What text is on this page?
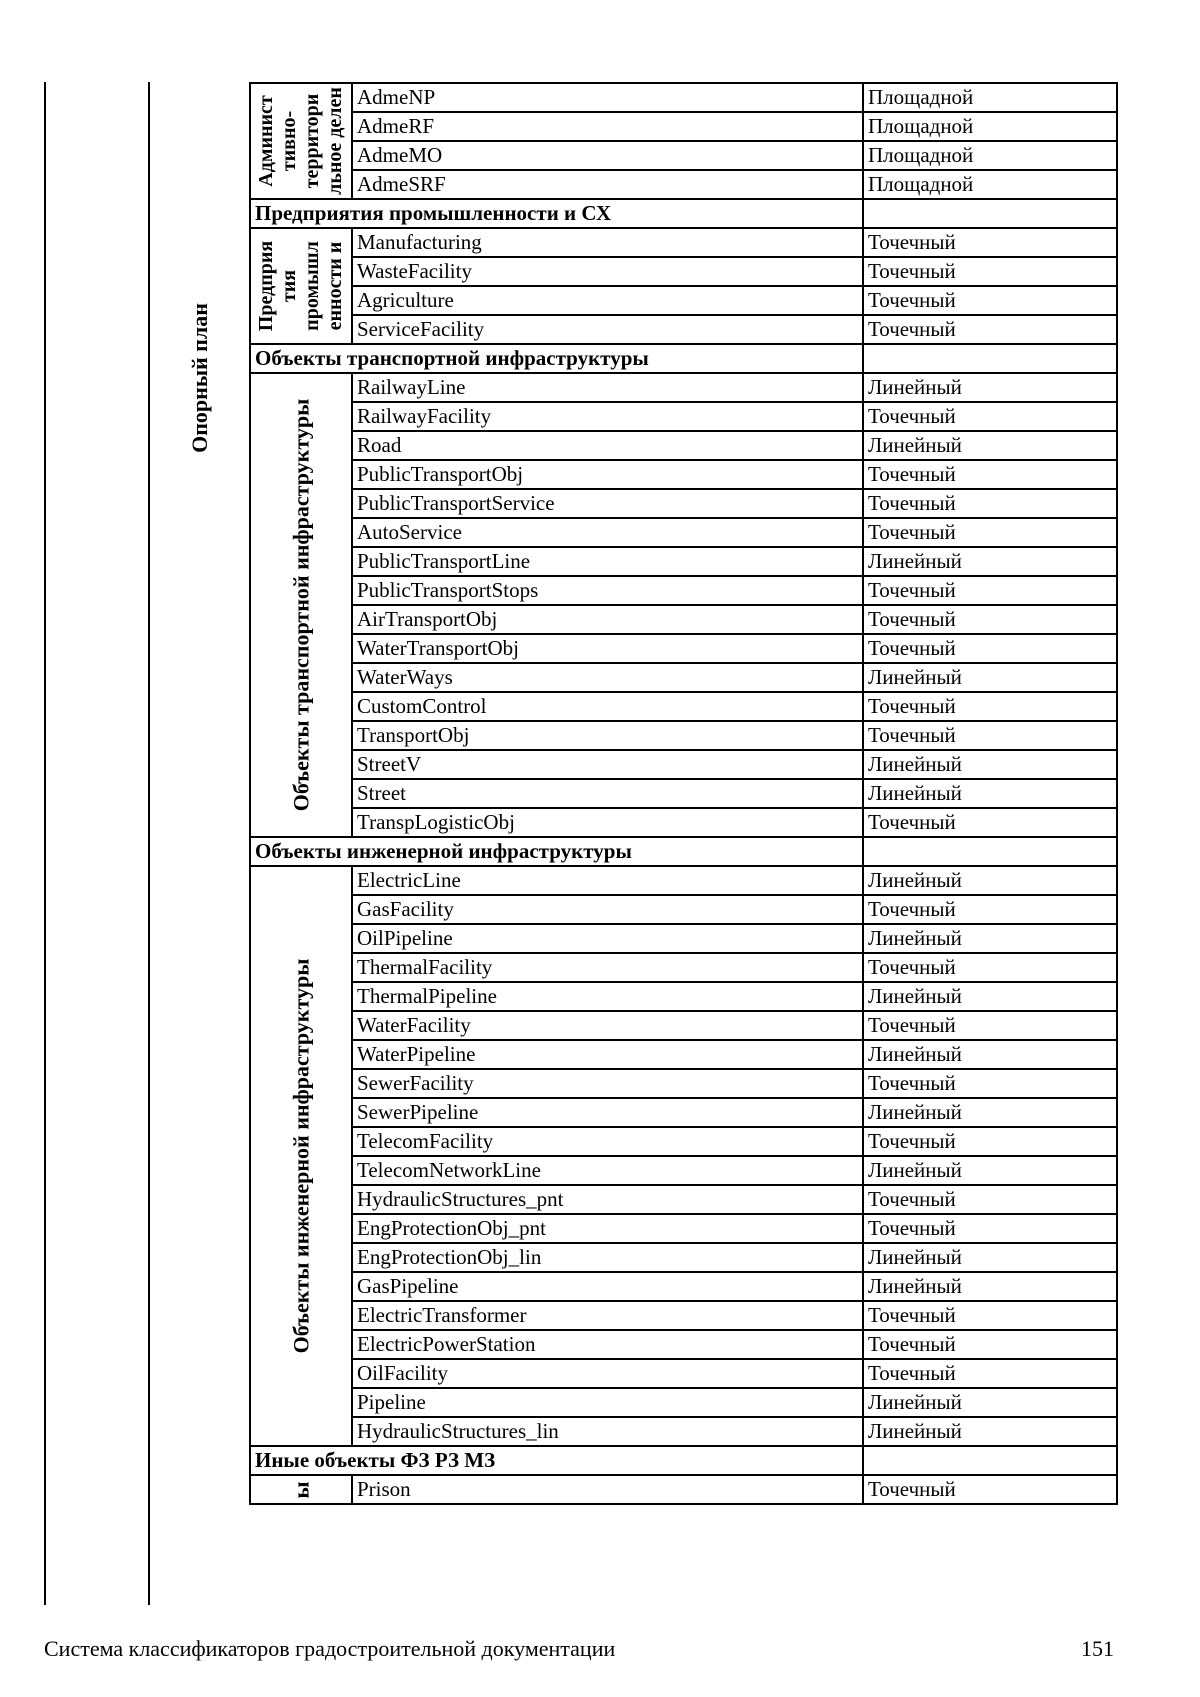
Опорный план
Админист тивно- территори льное делен	AdmeNP	Площадной
	AdmeRF	Площадной
	AdmeMO	Площадной
	AdmeSRF	Площадной
Предприятия промышленности и СХ		

Предприя тия промышл енности и	Manufacturing	Точечный
	WasteFacility	Точечный
	Agriculture	Точечный
	ServiceFacility	Точечный
Объекты транспортной инфраструктуры		

Объекты транспортной инфраструктуры	RailwayLine	Линейный
	RailwayFacility	Точечный
	Road	Линейный
	PublicTransportObj	Точечный
	PublicTransportService	Точечный
	AutoService	Точечный
	PublicTransportLine	Линейный
	PublicTransportStops	Точечный
	AirTransportObj	Точечный
	WaterTransportObj	Точечный
	WaterWays	Линейный
	CustomControl	Точечный
	TransportObj	Точечный
	StreetV	Линейный
	Street	Линейный
	TranspLogisticObj	Точечный
Объекты инженерной инфраструктуры		

Объекты инженерной инфраструктуры	ElectricLine	Линейный
	GasFacility	Точечный
	OilPipeline	Линейный
	ThermalFacility	Точечный
	ThermalPipeline	Линейный
	WaterFacility	Точечный
	WaterPipeline	Линейный
	SewerFacility	Точечный
	SewerPipeline	Линейный
	TelecomFacility	Точечный
	TelecomNetworkLine	Линейный
	HydraulicStructures_pnt	Точечный
	EngProtectionObj_pnt	Точечный
	EngProtectionObj_lin	Линейный
	GasPipeline	Линейный
	ElectricTransformer	Точечный
	ElectricPowerStation	Точечный
	OilFacility	Точечный
	Pipeline	Линейный
	HydraulicStructures_lin	Линейный
Иные объекты ФЗ РЗ МЗ		

ы	Prison	Точечный
Система классификаторов градостроительной документации	151
